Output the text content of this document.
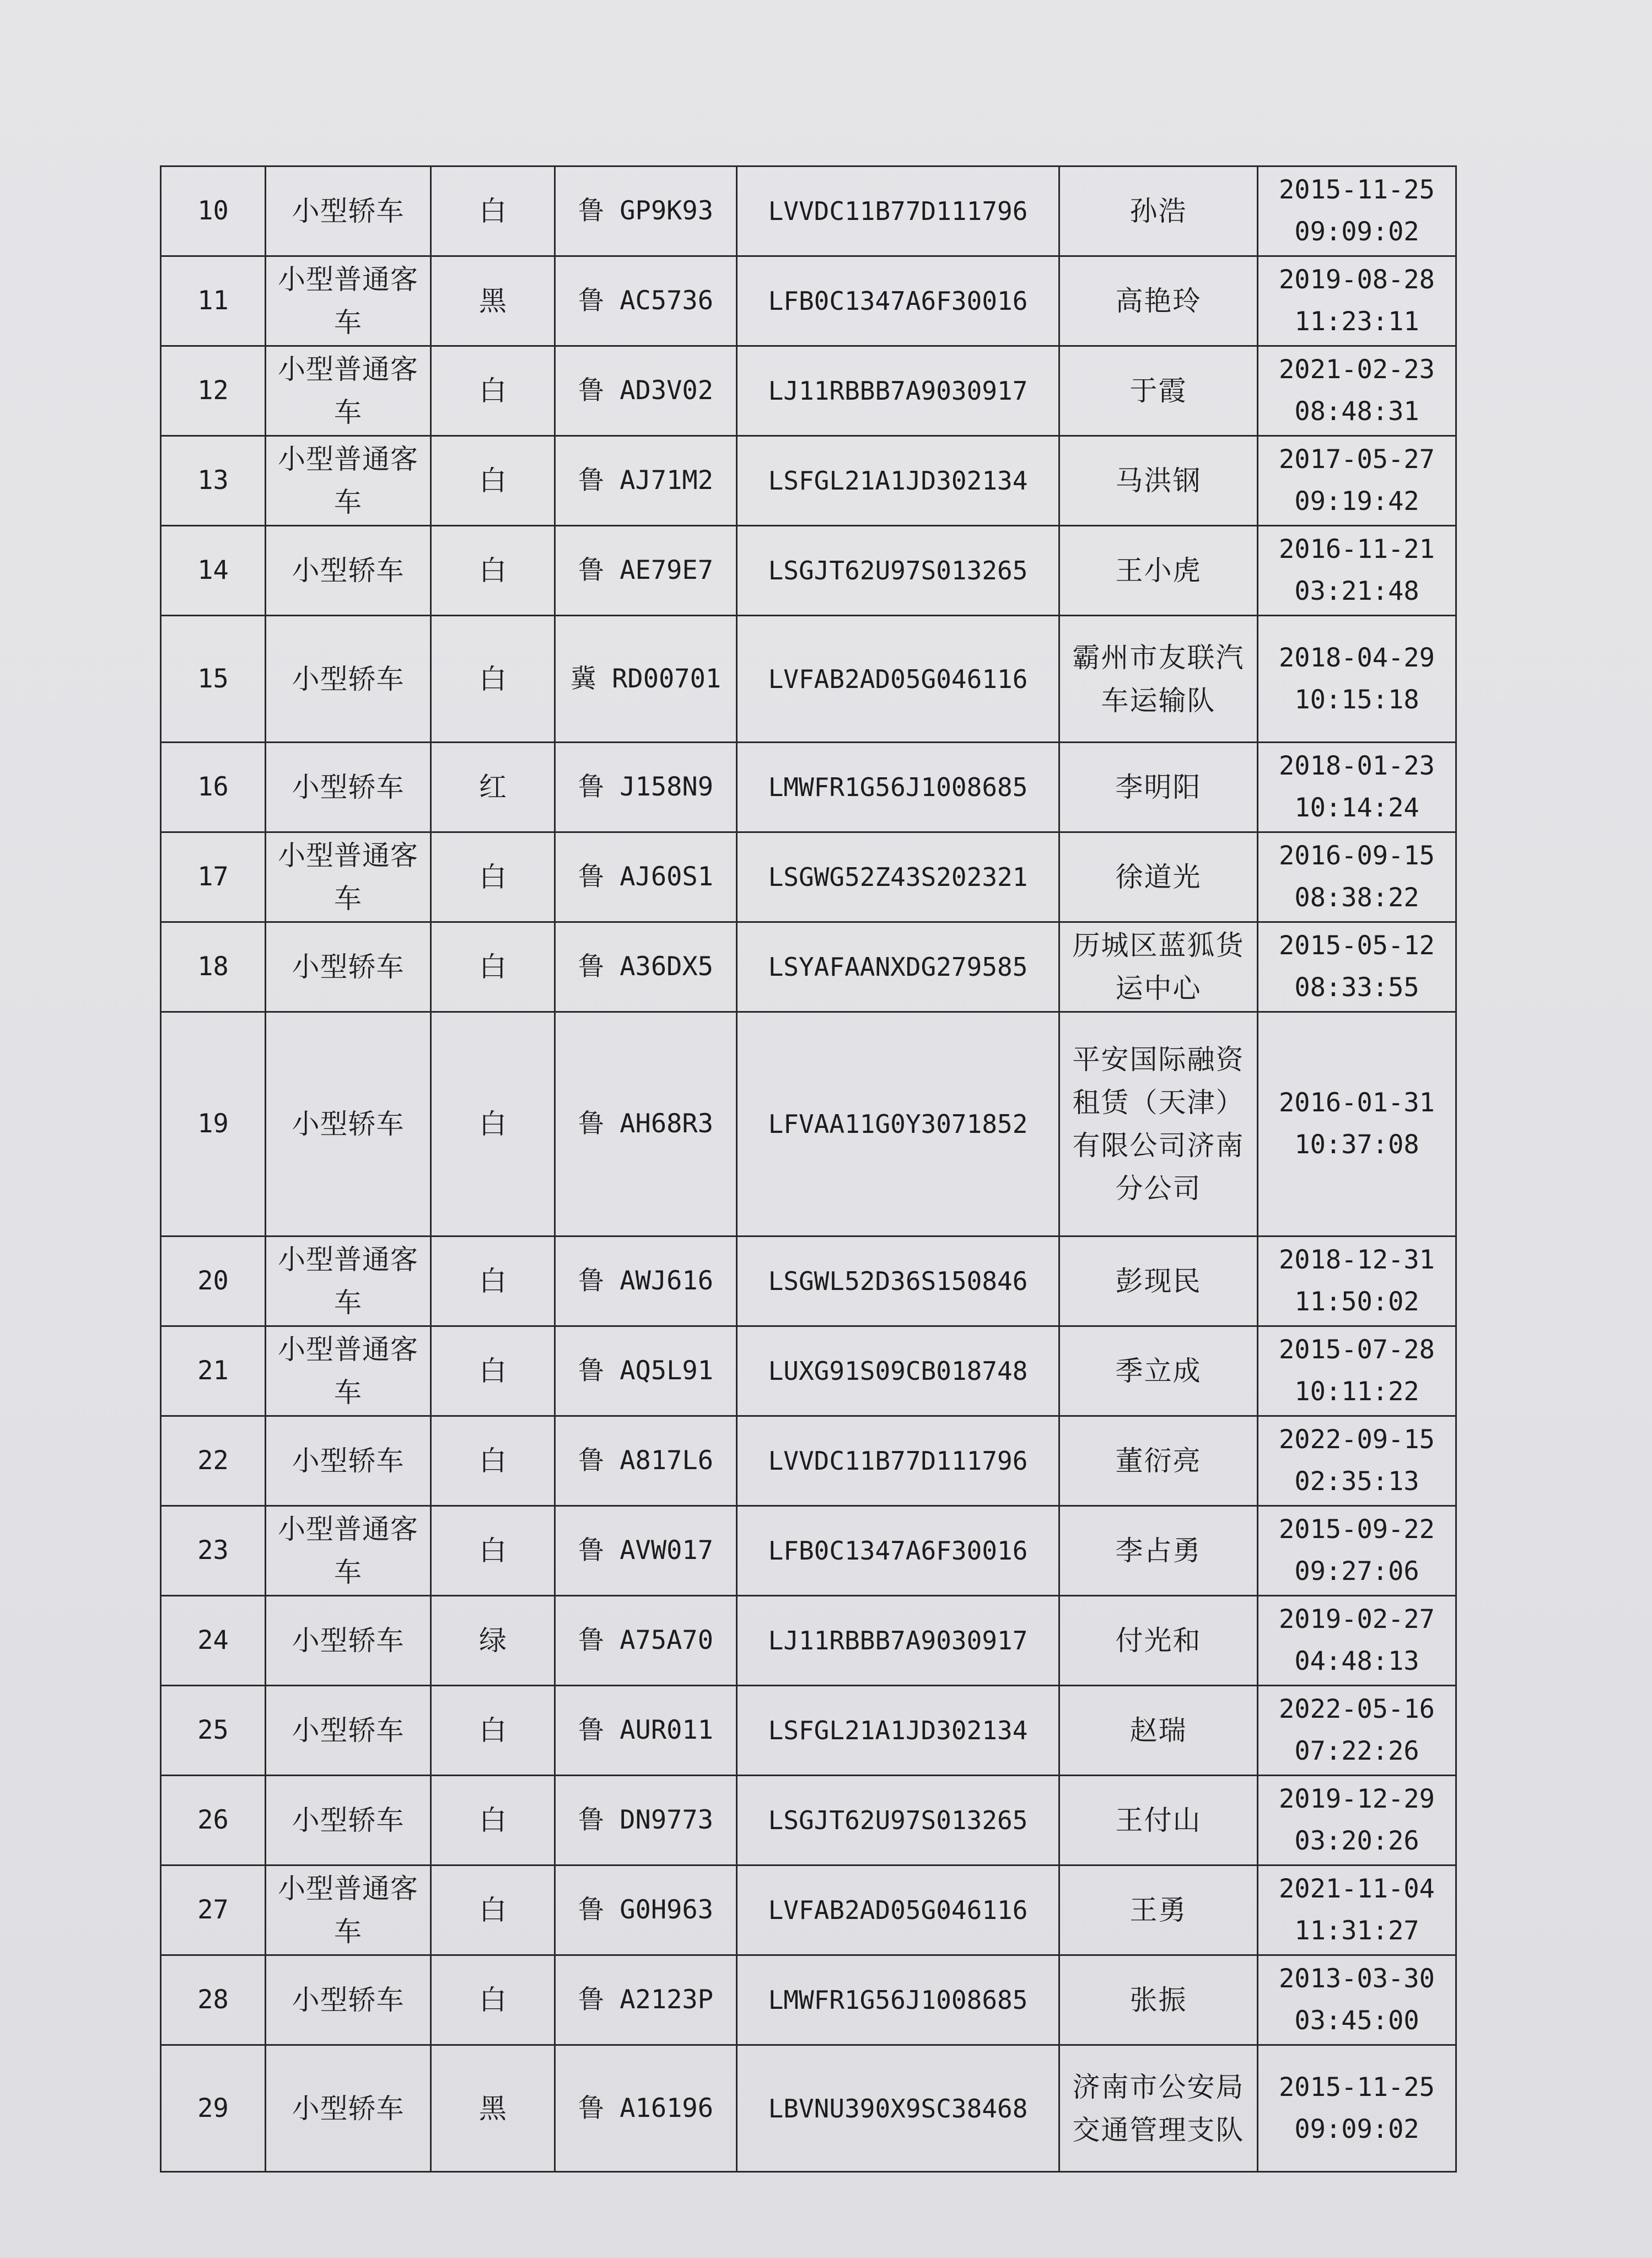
10	小型轿车	白	鲁 GP9K93	LVVDC11B77D111796	孙浩	2015-11-25
09:09:02
11	小型普通客车	黑	鲁 AC5736	LFB0C1347A6F30016	高艳玲	2019-08-28
11:23:11
12	小型普通客车	白	鲁 AD3V02	LJ11RBBB7A9030917	于霞	2021-02-23
08:48:31
13	小型普通客车	白	鲁 AJ71M2	LSFGL21A1JD302134	马洪钢	2017-05-27
09:19:42
14	小型轿车	白	鲁 AE79E7	LSGJT62U97S013265	王小虎	2016-11-21
03:21:48
15	小型轿车	白	冀 RD00701	LVFAB2AD05G046116	霸州市友联汽车运输队	2018-04-29
10:15:18
16	小型轿车	红	鲁 J158N9	LMWFR1G56J1008685	李明阳	2018-01-23
10:14:24
17	小型普通客车	白	鲁 AJ60S1	LSGWG52Z43S202321	徐道光	2016-09-15
08:38:22
18	小型轿车	白	鲁 A36DX5	LSYAFAANXDG279585	历城区蓝狐货运中心	2015-05-12
08:33:55
19	小型轿车	白	鲁 AH68R3	LFVAA11G0Y3071852	平安国际融资租赁（天津）有限公司济南分公司	2016-01-31
10:37:08
20	小型普通客车	白	鲁 AWJ616	LSGWL52D36S150846	彭现民	2018-12-31
11:50:02
21	小型普通客车	白	鲁 AQ5L91	LUXG91S09CB018748	季立成	2015-07-28
10:11:22
22	小型轿车	白	鲁 A817L6	LVVDC11B77D111796	董衍亮	2022-09-15
02:35:13
23	小型普通客车	白	鲁 AVW017	LFB0C1347A6F30016	李占勇	2015-09-22
09:27:06
24	小型轿车	绿	鲁 A75A70	LJ11RBBB7A9030917	付光和	2019-02-27
04:48:13
25	小型轿车	白	鲁 AUR011	LSFGL21A1JD302134	赵瑞	2022-05-16
07:22:26
26	小型轿车	白	鲁 DN9773	LSGJT62U97S013265	王付山	2019-12-29
03:20:26
27	小型普通客车	白	鲁 G0H963	LVFAB2AD05G046116	王勇	2021-11-04
11:31:27
28	小型轿车	白	鲁 A2123P	LMWFR1G56J1008685	张振	2013-03-30
03:45:00
29	小型轿车	黑	鲁 A16196	LBVNU390X9SC38468	济南市公安局交通管理支队	2015-11-25
09:09:02
